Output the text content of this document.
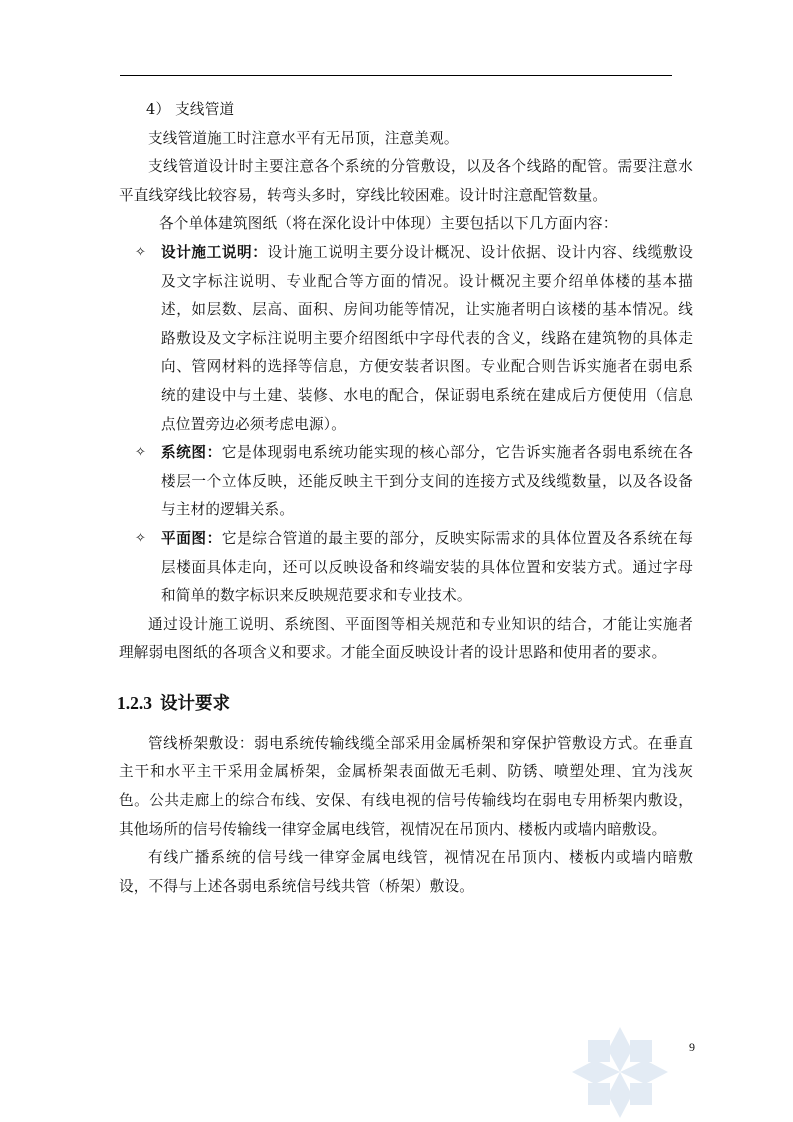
4） 支线管道

支线管道施工时注意水平有无吊顶，注意美观。

支线管道设计时主要注意各个系统的分管敷设，以及各个线路的配管。需要注意水平直线穿线比较容易，转弯头多时，穿线比较困难。设计时注意配管数量。

各个单体建筑图纸（将在深化设计中体现）主要包括以下几方面内容：

✧ 设计施工说明：设计施工说明主要分设计概况、设计依据、设计内容、线缆敷设及文字标注说明、专业配合等方面的情况。设计概况主要介绍单体楼的基本描述，如层数、层高、面积、房间功能等情况，让实施者明白该楼的基本情况。线路敷设及文字标注说明主要介绍图纸中字母代表的含义，线路在建筑物的具体走向、管网材料的选择等信息，方便安装者识图。专业配合则告诉实施者在弱电系统的建设中与土建、装修、水电的配合，保证弱电系统在建成后方便使用（信息点位置旁边必须考虑电源）。
✧ 系统图：它是体现弱电系统功能实现的核心部分，它告诉实施者各弱电系统在各楼层一个立体反映，还能反映主干到分支间的连接方式及线缆数量，以及各设备与主材的逻辑关系。
✧ 平面图：它是综合管道的最主要的部分，反映实际需求的具体位置及各系统在每层楼面具体走向，还可以反映设备和终端安装的具体位置和安装方式。通过字母和简单的数字标识来反映规范要求和专业技术。

通过设计施工说明、系统图、平面图等相关规范和专业知识的结合，才能让实施者理解弱电图纸的各项含义和要求。才能全面反映设计者的设计思路和使用者的要求。

1.2.3 设计要求

管线桥架敷设：弱电系统传输线缆全部采用金属桥架和穿保护管敷设方式。在垂直主干和水平主干采用金属桥架，金属桥架表面做无毛刺、防锈、喷塑处理、宜为浅灰色。公共走廊上的综合布线、安保、有线电视的信号传输线均在弱电专用桥架内敷设，其他场所的信号传输线一律穿金属电线管，视情况在吊顶内、楼板内或墙内暗敷设。

有线广播系统的信号线一律穿金属电线管，视情况在吊顶内、楼板内或墙内暗敷设，不得与上述各弱电系统信号线共管（桥架）敷设。

9
